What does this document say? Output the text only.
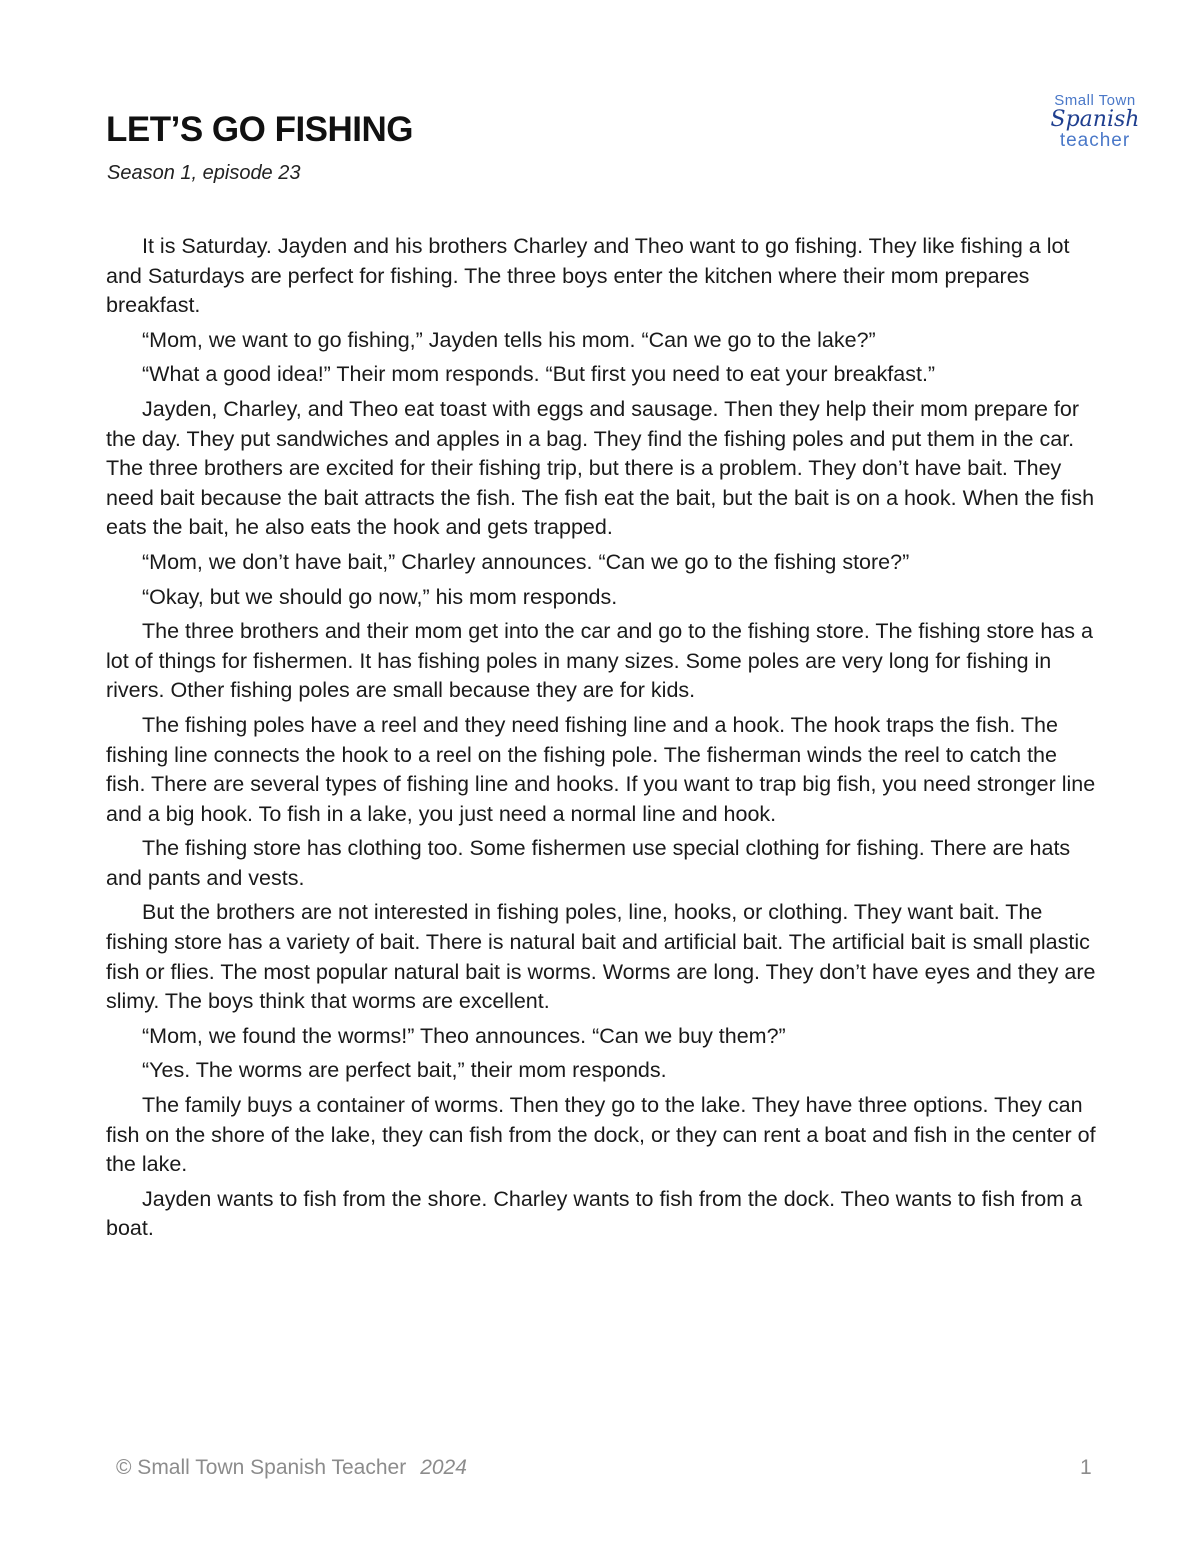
LET’S GO FISHING
Season 1, episode 23
Small Town
Spanish
teacher

It is Saturday. Jayden and his brothers Charley and Theo want to go fishing. They like fishing a lot and Saturdays are perfect for fishing. The three boys enter the kitchen where their mom prepares breakfast.

“Mom, we want to go fishing,” Jayden tells his mom. “Can we go to the lake?”

“What a good idea!” Their mom responds. “But first you need to eat your breakfast.”

Jayden, Charley, and Theo eat toast with eggs and sausage. Then they help their mom prepare for the day. They put sandwiches and apples in a bag. They find the fishing poles and put them in the car. The three brothers are excited for their fishing trip, but there is a problem. They don’t have bait. They need bait because the bait attracts the fish. The fish eat the bait, but the bait is on a hook. When the fish eats the bait, he also eats the hook and gets trapped.

“Mom, we don’t have bait,” Charley announces. “Can we go to the fishing store?”

“Okay, but we should go now,” his mom responds.

The three brothers and their mom get into the car and go to the fishing store. The fishing store has a lot of things for fishermen. It has fishing poles in many sizes. Some poles are very long for fishing in rivers. Other fishing poles are small because they are for kids.

The fishing poles have a reel and they need fishing line and a hook. The hook traps the fish. The fishing line connects the hook to a reel on the fishing pole. The fisherman winds the reel to catch the fish. There are several types of fishing line and hooks. If you want to trap big fish, you need stronger line and a big hook. To fish in a lake, you just need a normal line and hook.

The fishing store has clothing too. Some fishermen use special clothing for fishing. There are hats and pants and vests.

But the brothers are not interested in fishing poles, line, hooks, or clothing. They want bait. The fishing store has a variety of bait. There is natural bait and artificial bait. The artificial bait is small plastic fish or flies. The most popular natural bait is worms. Worms are long. They don’t have eyes and they are slimy. The boys think that worms are excellent.

“Mom, we found the worms!” Theo announces. “Can we buy them?”

“Yes. The worms are perfect bait,” their mom responds.

The family buys a container of worms. Then they go to the lake. They have three options. They can fish on the shore of the lake, they can fish from the dock, or they can rent a boat and fish in the center of the lake.

Jayden wants to fish from the shore. Charley wants to fish from the dock. Theo wants to fish from a boat.

© Small Town Spanish Teacher 2024	1
